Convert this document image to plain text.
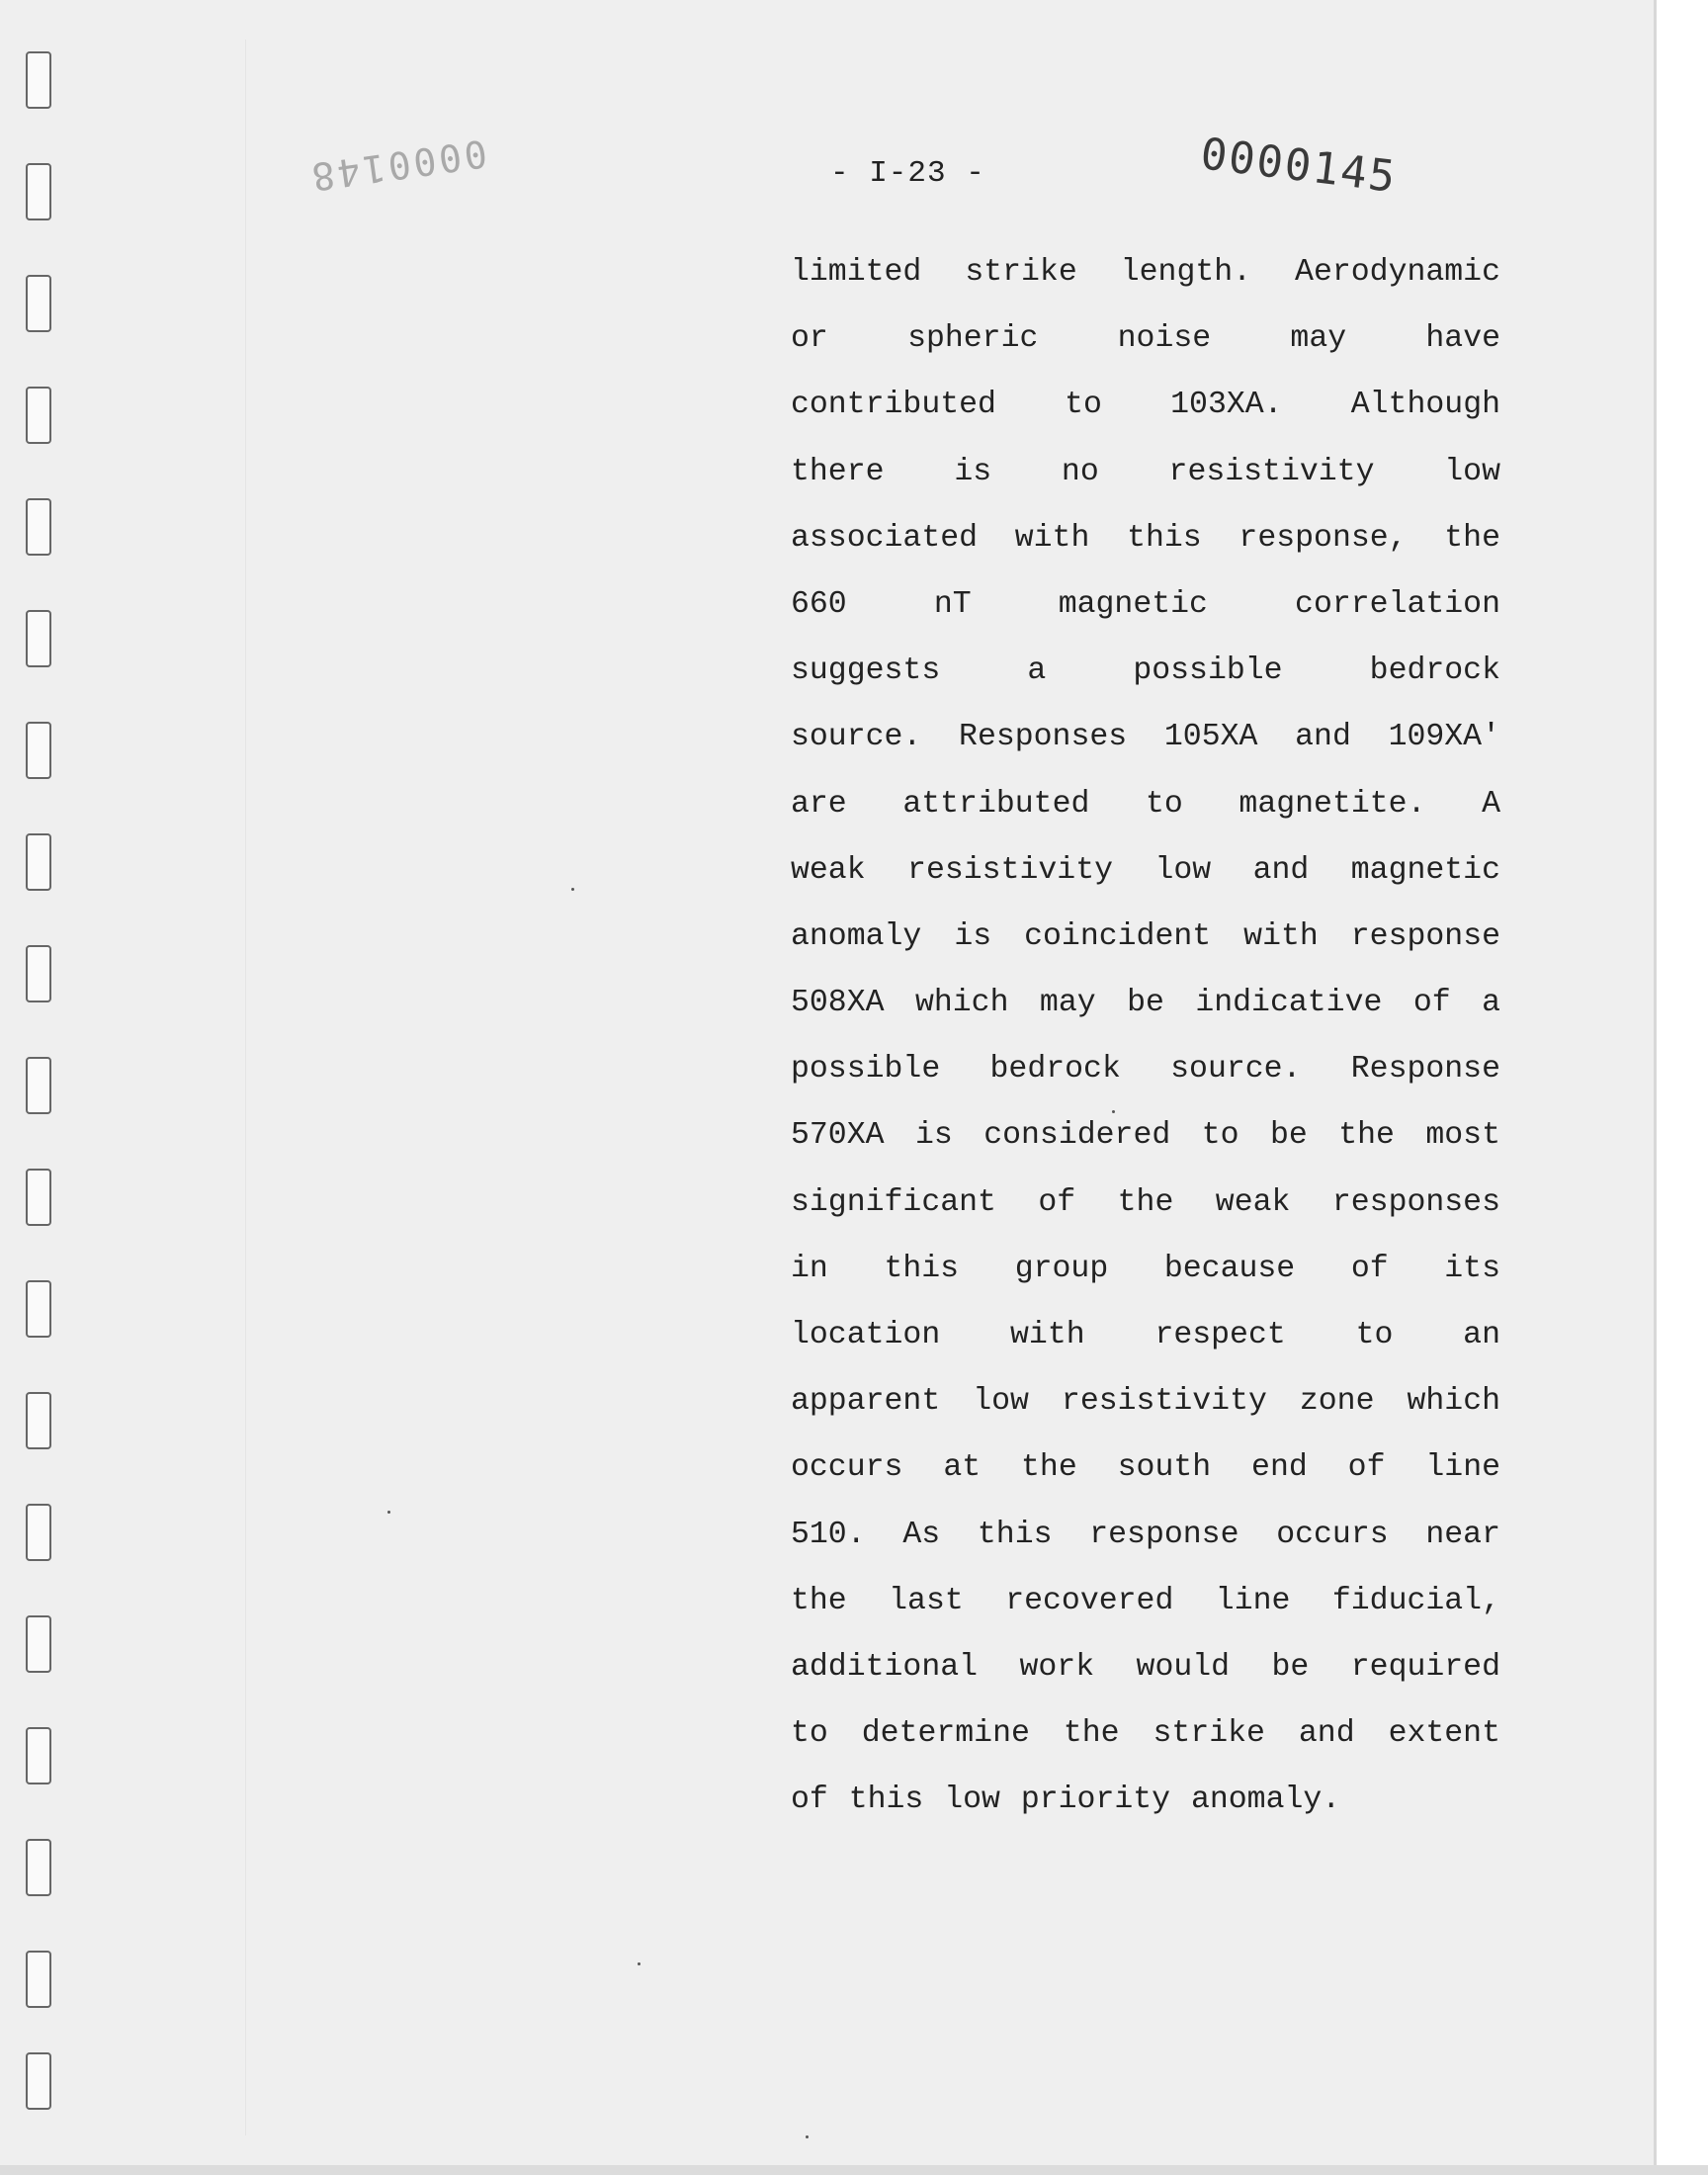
0000148	0000145
- I-23 -
limited strike length. Aerodynamic
or spheric noise may have
contributed to 103XA. Although
there is no resistivity low
associated with this response, the
660 nT magnetic correlation
suggests a possible bedrock
source. Responses 105XA and 109XA'
are attributed to magnetite. A
weak resistivity low and magnetic
anomaly is coincident with response
508XA which may be indicative of a
possible bedrock source. Response
570XA is considered to be the most
significant of the weak responses
in this group because of its
location with respect to an
apparent low resistivity zone which
occurs at the south end of line
510. As this response occurs near
the last recovered line fiducial,
additional work would be required
to determine the strike and extent
of this low priority anomaly.
